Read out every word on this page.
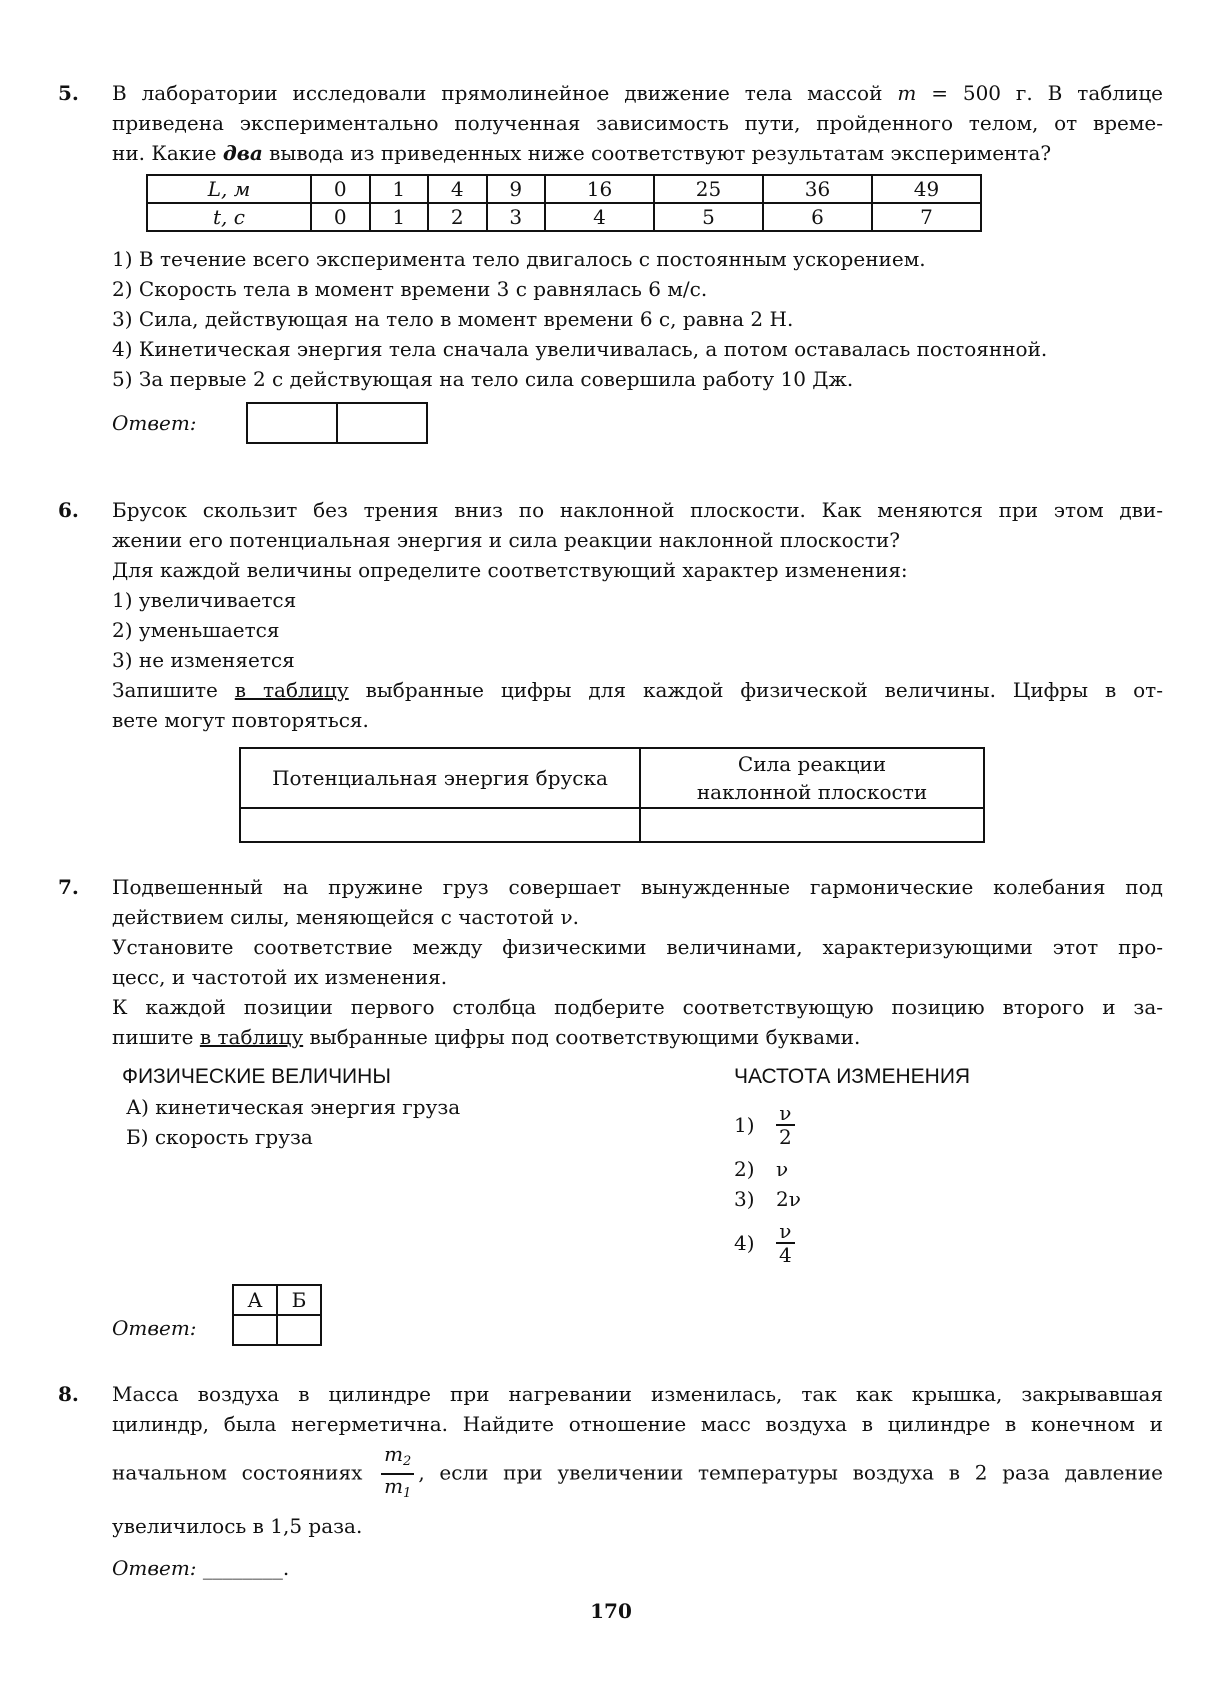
5. В лаборатории исследовали прямолинейное движение тела массой m = 500 г. В таблице
приведена экспериментально полученная зависимость пути, пройденного телом, от време-
ни. Какие два вывода из приведенных ниже соответствуют результатам эксперимента?
L, м	0	1	4	9	16	25	36	49
t, с	0	1	2	3	4	5	6	7
1) В течение всего эксперимента тело двигалось с постоянным ускорением.
2) Скорость тела в момент времени 3 с равнялась 6 м/с.
3) Сила, действующая на тело в момент времени 6 с, равна 2 Н.
4) Кинетическая энергия тела сначала увеличивалась, а потом оставалась постоянной.
5) За первые 2 с действующая на тело сила совершила работу 10 Дж.
Ответ:

6. Брусок скользит без трения вниз по наклонной плоскости. Как меняются при этом дви-
жении его потенциальная энергия и сила реакции наклонной плоскости?
Для каждой величины определите соответствующий характер изменения:
1) увеличивается
2) уменьшается
3) не изменяется
Запишите в таблицу выбранные цифры для каждой физической величины. Цифры в от-
вете могут повторяться.
Потенциальная энергия бруска	Сила реакции наклонной плоскости

7. Подвешенный на пружине груз совершает вынужденные гармонические колебания под
действием силы, меняющейся с частотой ν.
Установите соответствие между физическими величинами, характеризующими этот про-
цесс, и частотой их изменения.
К каждой позиции первого столбца подберите соответствующую позицию второго и за-
пишите в таблицу выбранные цифры под соответствующими буквами.
ФИЗИЧЕСКИЕ ВЕЛИЧИНЫ
А) кинетическая энергия груза
Б) скорость груза
ЧАСТОТА ИЗМЕНЕНИЯ
1)	$\frac{\nu}{2}$
2)	ν
3)	2ν
4)	$\frac{\nu}{4}$
Ответ:
А	Б

8. Масса воздуха в цилиндре при нагревании изменилась, так как крышка, закрывавшая
цилиндр, была негерметична. Найдите отношение масс воздуха в цилиндре в конечном и
начальном состояниях $\frac{m_2}{m_1}$ , если при увеличении температуры воздуха в 2 раза давление
увеличилось в 1,5 раза.
Ответ: ________.
170
